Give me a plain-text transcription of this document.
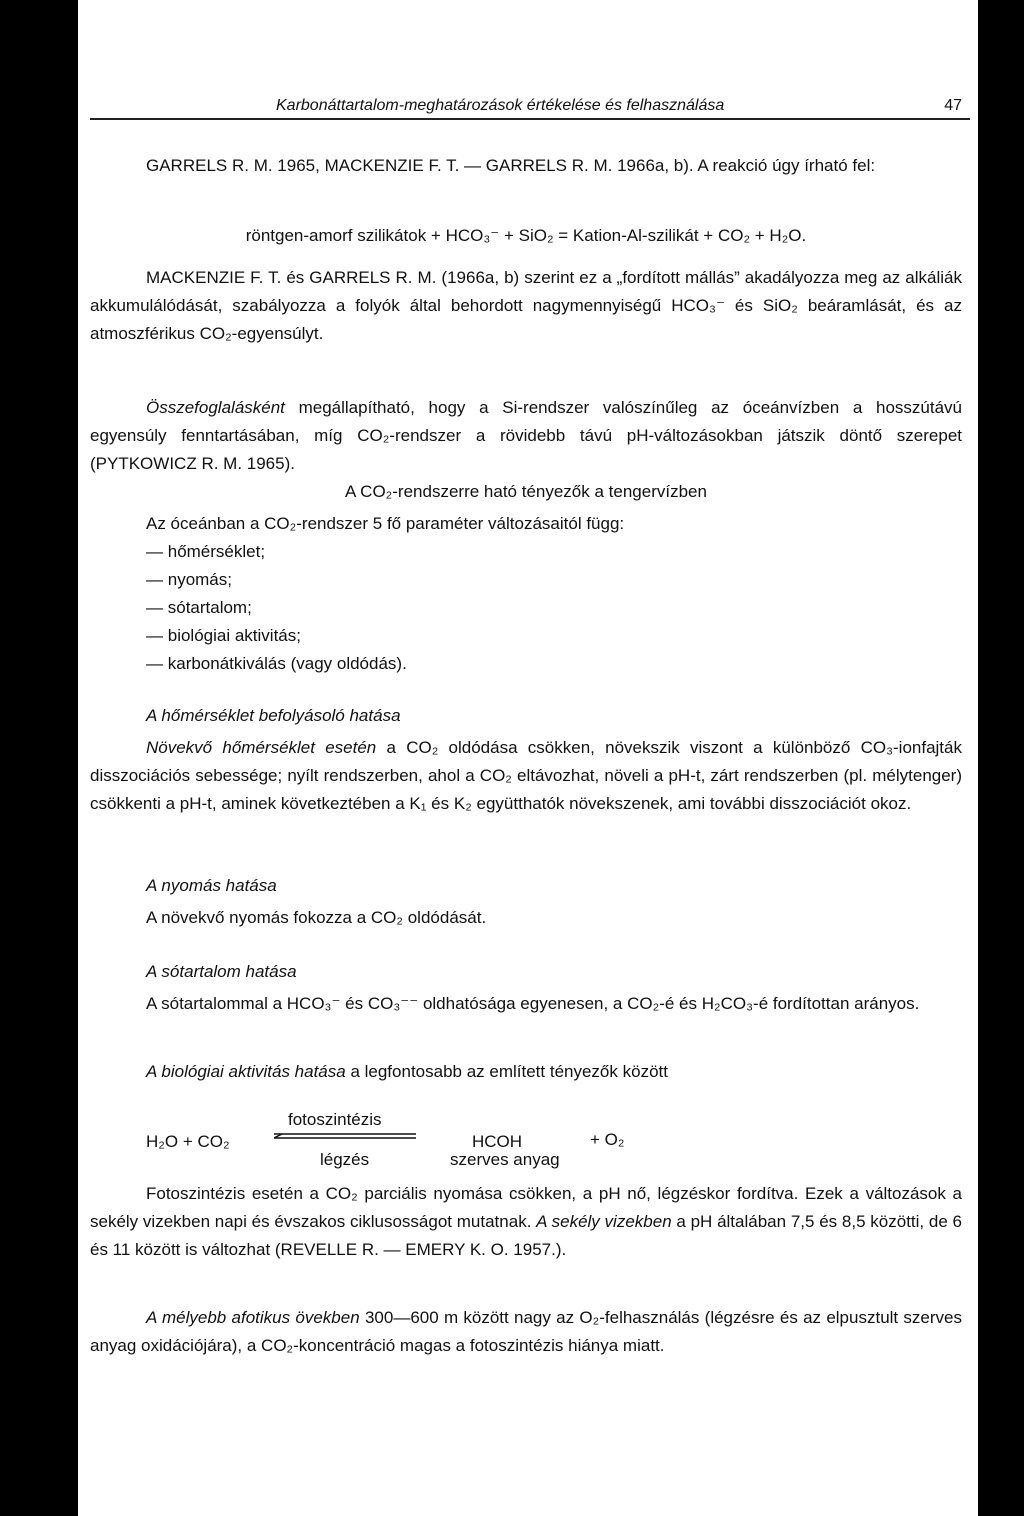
Karbonáttartalom-meghatározások értékelése és felhasználása	47

GARRELS R. M. 1965, MACKENZIE F. T. — GARRELS R. M. 1966a, b). A reakció úgy írható fel:

röntgen-amorf szilikátok + HCO₃⁻ + SiO₂ = Kation-Al-szilikát + CO₂ + H₂O.

MACKENZIE F. T. és GARRELS R. M. (1966a, b) szerint ez a „fordított mállás” akadályozza meg az alkáliák akkumulálódását, szabályozza a folyók által behordott nagymennyiségű HCO₃⁻ és SiO₂ beáramlását, és az atmoszférikus CO₂-egyensúlyt.

Összefoglalásként megállapítható, hogy a Si-rendszer valószínűleg az óceánvízben a hosszútávú egyensúly fenntartásában, míg CO₂-rendszer a rövidebb távú pH-változásokban játszik döntő szerepet (PYTKOWICZ R. M. 1965).

A CO₂-rendszerre ható tényezők a tengervízben

Az óceánban a CO₂-rendszer 5 fő paraméter változásaitól függ:

— hőmérséklet;
— nyomás;
— sótartalom;
— biológiai aktivitás;
— karbonátkiválás (vagy oldódás).

A hőmérséklet befolyásoló hatása

Növekvő hőmérséklet esetén a CO₂ oldódása csökken, növekszik viszont a különböző CO₃-ionfajták disszociációs sebessége; nyílt rendszerben, ahol a CO₂ eltávozhat, növeli a pH-t, zárt rendszerben (pl. mélytenger) csökkenti a pH-t, aminek következtében a K₁ és K₂ együtthatók növekszenek, ami további disszociációt okoz.

A nyomás hatása

A növekvő nyomás fokozza a CO₂ oldódását.

A sótartalom hatása

A sótartalommal a HCO₃⁻ és CO₃⁻⁻ oldhatósága egyenesen, a CO₂-é és H₂CO₃-é fordítottan arányos.

A biológiai aktivitás hatása a legfontosabb az említett tényezők között

H₂O + CO₂
fotoszintézis
légzés
HCOH
szerves anyag
+ O₂

Fotoszintézis esetén a CO₂ parciális nyomása csökken, a pH nő, légzéskor fordítva. Ezek a változások a sekély vizekben napi és évszakos ciklusosságot mutatnak. A sekély vizekben a pH általában 7,5 és 8,5 közötti, de 6 és 11 között is változhat (REVELLE R. — EMERY K. O. 1957.).

A mélyebb afotikus övekben 300—600 m között nagy az O₂-felhasználás (légzésre és az elpusztult szerves anyag oxidációjára), a CO₂-koncentráció magas a fotoszintézis hiánya miatt.
